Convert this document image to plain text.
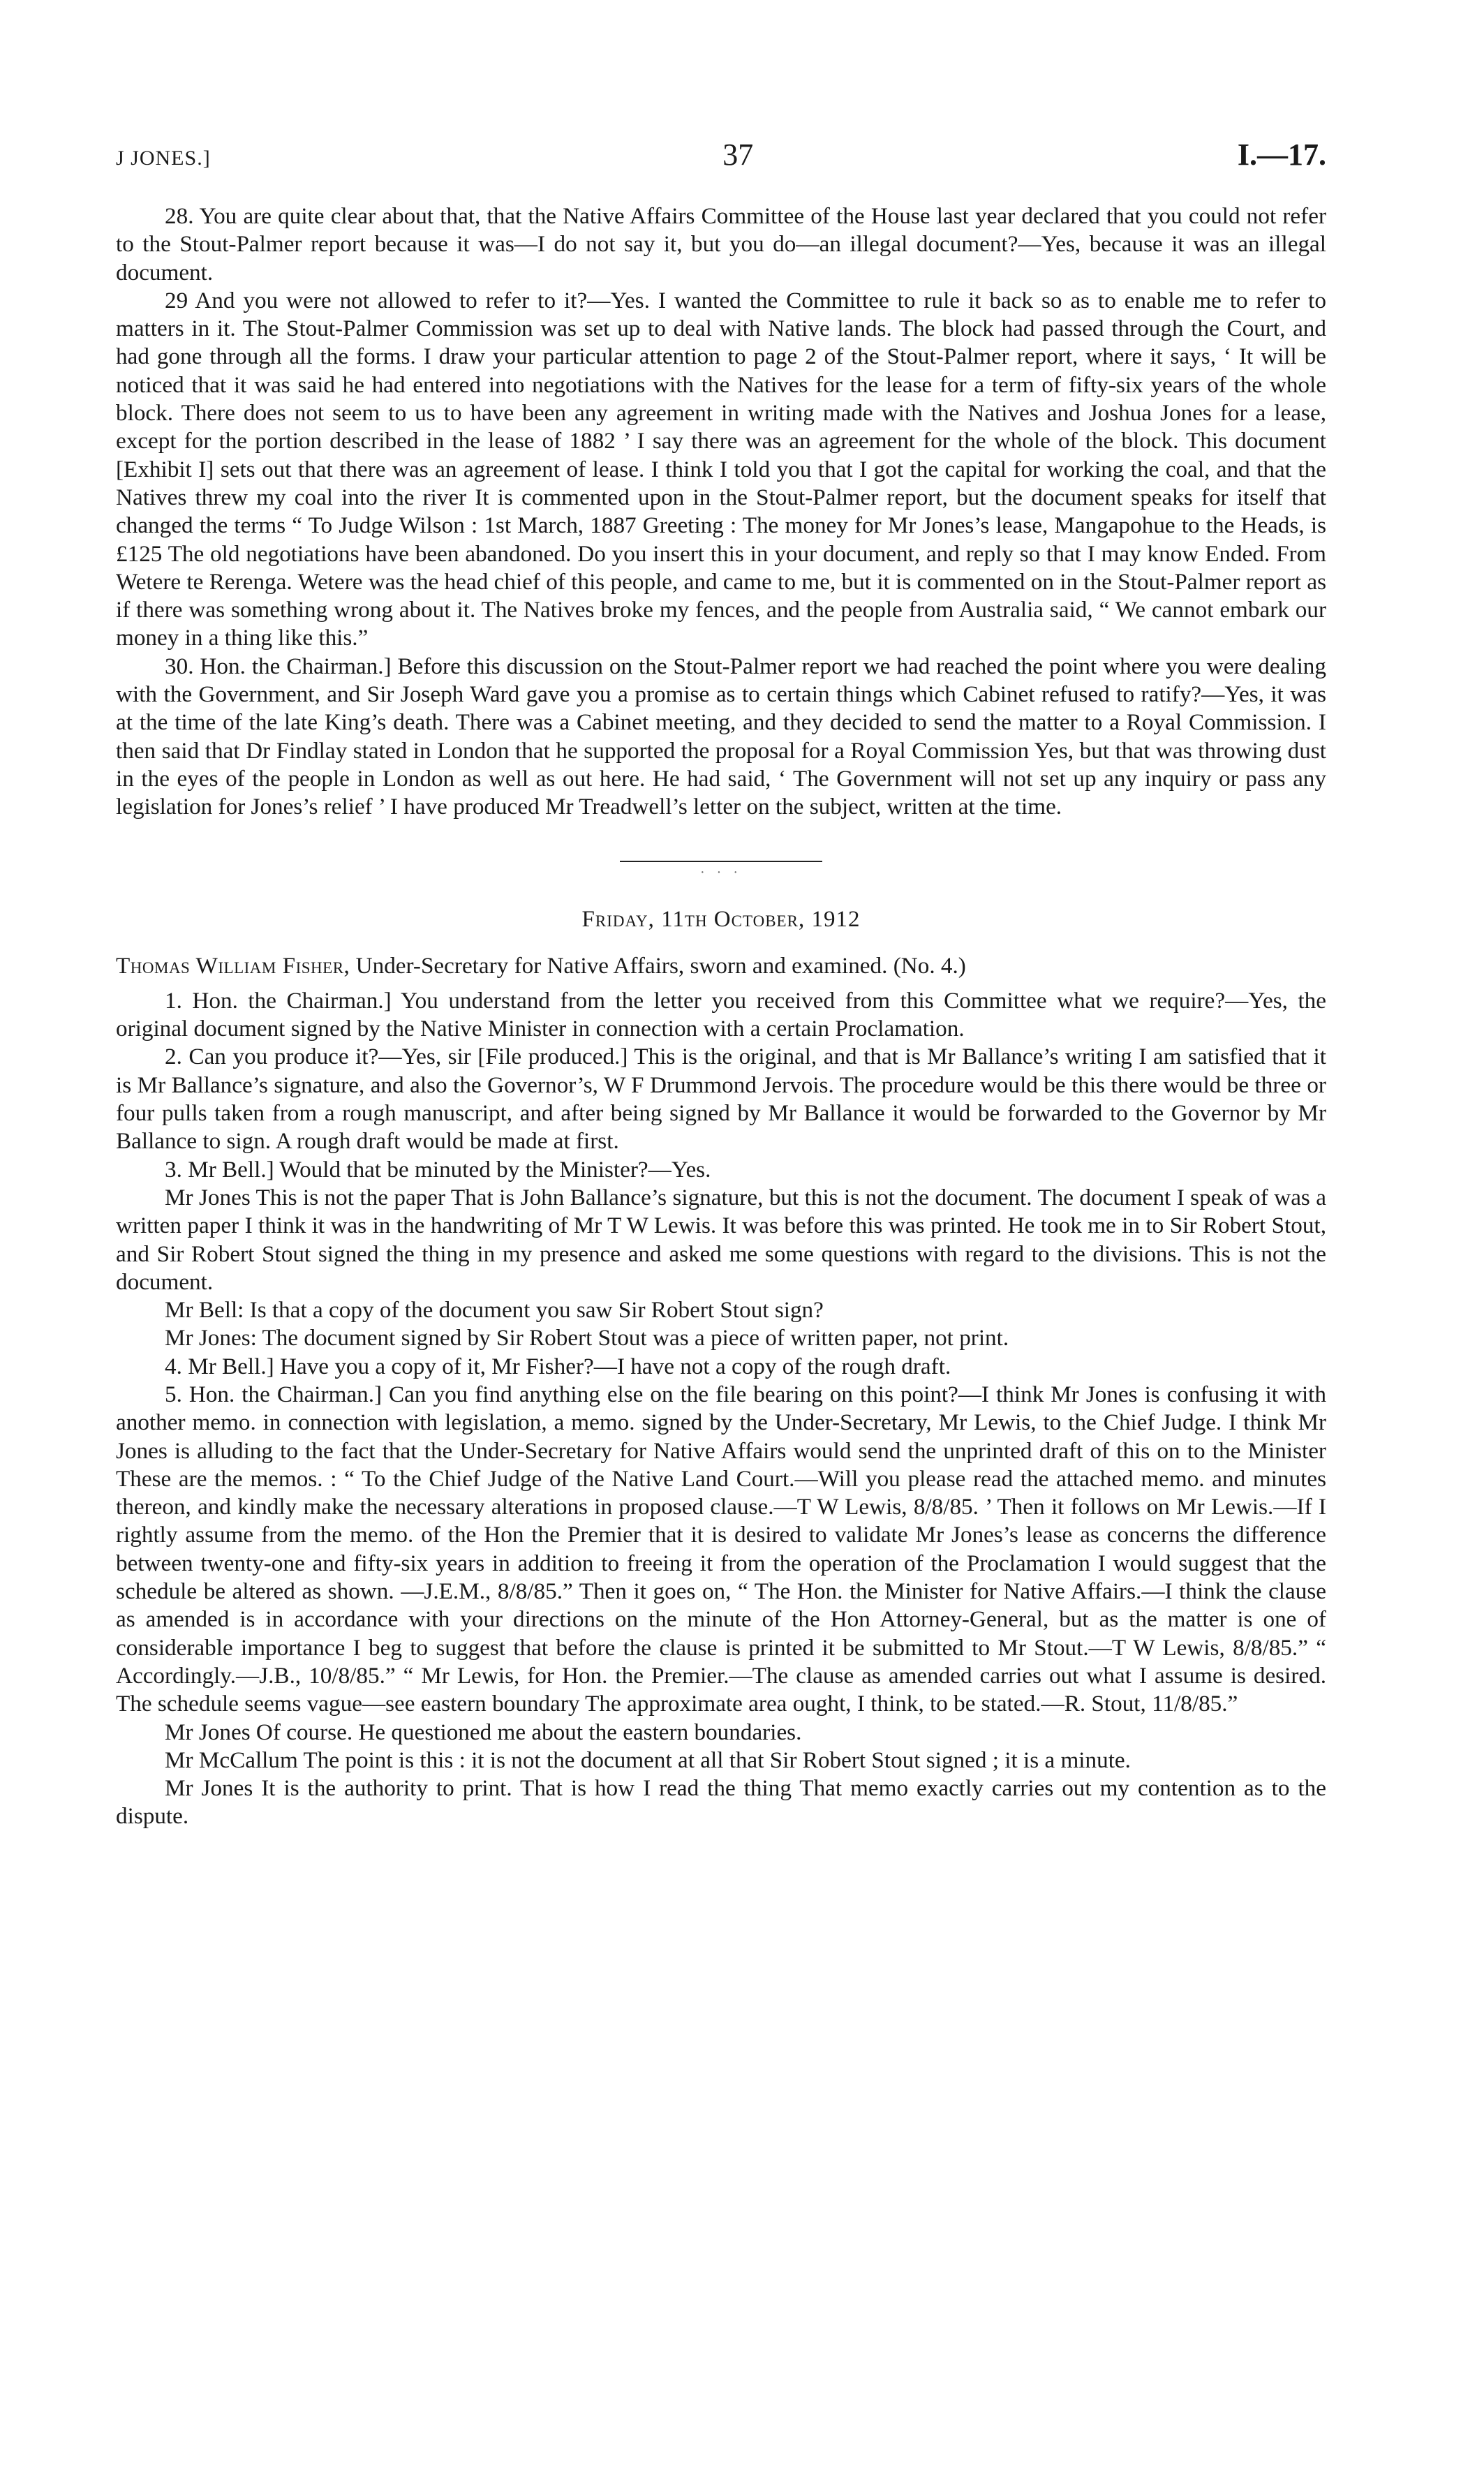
J JONES.]	37	I.—17.

28. You are quite clear about that, that the Native Affairs Committee of the House last year declared that you could not refer to the Stout-Palmer report because it was—I do not say it, but you do—an illegal document?—Yes, because it was an illegal document.

29 And you were not allowed to refer to it?—Yes. I wanted the Committee to rule it back so as to enable me to refer to matters in it. The Stout-Palmer Commission was set up to deal with Native lands. The block had passed through the Court, and had gone through all the forms. I draw your particular attention to page 2 of the Stout-Palmer report, where it says, ‘ It will be noticed that it was said he had entered into negotiations with the Natives for the lease for a term of fifty-six years of the whole block. There does not seem to us to have been any agreement in writing made with the Natives and Joshua Jones for a lease, except for the portion described in the lease of 1882 ’ I say there was an agreement for the whole of the block. This document [Exhibit I] sets out that there was an agreement of lease. I think I told you that I got the capital for working the coal, and that the Natives threw my coal into the river It is commented upon in the Stout-Palmer report, but the document speaks for itself that changed the terms “ To Judge Wilson : 1st March, 1887 Greeting : The money for Mr Jones’s lease, Mangapohue to the Heads, is £125 The old negotiations have been abandoned. Do you insert this in your document, and reply so that I may know Ended. From Wetere te Rerenga. Wetere was the head chief of this people, and came to me, but it is commented on in the Stout-Palmer report as if there was something wrong about it. The Natives broke my fences, and the people from Australia said, “ We cannot embark our money in a thing like this.”

30. Hon. the Chairman.] Before this discussion on the Stout-Palmer report we had reached the point where you were dealing with the Government, and Sir Joseph Ward gave you a promise as to certain things which Cabinet refused to ratify?—Yes, it was at the time of the late King’s death. There was a Cabinet meeting, and they decided to send the matter to a Royal Commission. I then said that Dr Findlay stated in London that he supported the proposal for a Royal Commission Yes, but that was throwing dust in the eyes of the people in London as well as out here. He had said, ‘ The Government will not set up any inquiry or pass any legislation for Jones’s relief ’ I have produced Mr Treadwell’s letter on the subject, written at the time.

· · ·
Friday, 11th October, 1912
Thomas William Fisher, Under-Secretary for Native Affairs, sworn and examined. (No. 4.)

1. Hon. the Chairman.] You understand from the letter you received from this Committee what we require?—Yes, the original document signed by the Native Minister in connection with a certain Proclamation.

2. Can you produce it?—Yes, sir [File produced.] This is the original, and that is Mr Ballance’s writing I am satisfied that it is Mr Ballance’s signature, and also the Governor’s, W F Drummond Jervois. The procedure would be this there would be three or four pulls taken from a rough manuscript, and after being signed by Mr Ballance it would be forwarded to the Governor by Mr Ballance to sign. A rough draft would be made at first.

3. Mr Bell.] Would that be minuted by the Minister?—Yes.

Mr Jones This is not the paper That is John Ballance’s signature, but this is not the document. The document I speak of was a written paper I think it was in the handwriting of Mr T W Lewis. It was before this was printed. He took me in to Sir Robert Stout, and Sir Robert Stout signed the thing in my presence and asked me some questions with regard to the divisions. This is not the document.

Mr Bell: Is that a copy of the document you saw Sir Robert Stout sign?

Mr Jones: The document signed by Sir Robert Stout was a piece of written paper, not print.

4. Mr Bell.] Have you a copy of it, Mr Fisher?—I have not a copy of the rough draft.

5. Hon. the Chairman.] Can you find anything else on the file bearing on this point?—I think Mr Jones is confusing it with another memo. in connection with legislation, a memo. signed by the Under-Secretary, Mr Lewis, to the Chief Judge. I think Mr Jones is alluding to the fact that the Under-Secretary for Native Affairs would send the unprinted draft of this on to the Minister These are the memos. : “ To the Chief Judge of the Native Land Court.—Will you please read the attached memo. and minutes thereon, and kindly make the necessary alterations in proposed clause.—T W Lewis, 8/8/85. ’ Then it follows on Mr Lewis.—If I rightly assume from the memo. of the Hon the Premier that it is desired to validate Mr Jones’s lease as concerns the difference between twenty-one and fifty-six years in addition to freeing it from the operation of the Proclamation I would suggest that the schedule be altered as shown. —J.E.M., 8/8/85.” Then it goes on, “ The Hon. the Minister for Native Affairs.—I think the clause as amended is in accordance with your directions on the minute of the Hon Attorney-General, but as the matter is one of considerable importance I beg to suggest that before the clause is printed it be submitted to Mr Stout.—T W Lewis, 8/8/85.” “ Accordingly.—J.B., 10/8/85.” “ Mr Lewis, for Hon. the Premier.—The clause as amended carries out what I assume is desired. The schedule seems vague—see eastern boundary The approximate area ought, I think, to be stated.—R. Stout, 11/8/85.”

Mr Jones Of course. He questioned me about the eastern boundaries.

Mr McCallum The point is this : it is not the document at all that Sir Robert Stout signed ; it is a minute.

Mr Jones It is the authority to print. That is how I read the thing That memo exactly carries out my contention as to the dispute.
